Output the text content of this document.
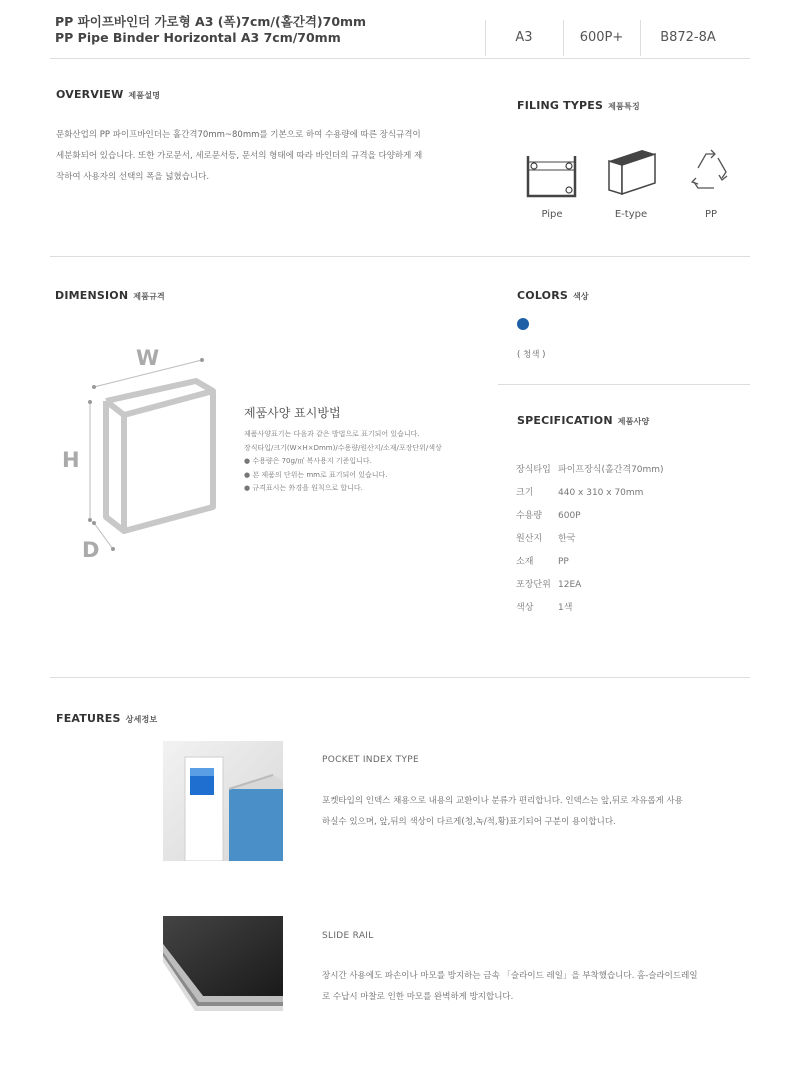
PP 파이프바인더 가로형 A3 (폭)7cm/(홀간격)70mm
PP Pipe Binder Horizontal A3 7cm/70mm	A3	600P+	B872-8A
OVERVIEW 제품설명
문화산업의 PP 파이프바인더는 홀간격70mm~80mm를 기본으로 하여 수용량에 따른 장식규격이
세분화되어 있습니다. 또한 가로문서, 세로문서등, 문서의 형태에 따라 바인더의 규격을 다양하게 제
작하여 사용자의 선택의 폭을 넓혔습니다.
FILING TYPES 제품특징
Pipe	E-type	PP
DIMENSION 제품규격
W
H
D
제품사양 표시방법
제품사양표기는 다음과 같은 방법으로 표기되어 있습니다.
장식타입/크기(W×H×Dmm)/수용량/원산지/소재/포장단위/색상
● 수용량은 70g/㎡ 복사용지 기준입니다.
● 본 제품의 단위는 mm로 표기되어 있습니다.
● 규격표시는 外경을 원칙으로 합니다.
COLORS 색상
( 청색 )
SPECIFICATION 제품사양
장식타입 파이프장식(홀간격70mm)
크기	440 x 310 x 70mm
수용량 600P
원산지 한국
소재	PP
포장단위 12EA
색상	1색
FEATURES 상세정보
POCKET INDEX TYPE
포켓타입의 인덱스 채용으로 내용의 교환이나 분류가 편리합니다. 인덱스는 앞,뒤로 자유롭게 사용
하실수 있으며, 앞,뒤의 색상이 다르게(청,녹/적,황)표기되어 구분이 용이합니다.
SLIDE RAIL
장시간 사용에도 파손이나 마모를 방지하는 금속 「슬라이드 레일」을 부착했습니다. 홈-슬라이드레일
로 수납시 마찰로 인한 마모를 완벽하게 방지합니다.
